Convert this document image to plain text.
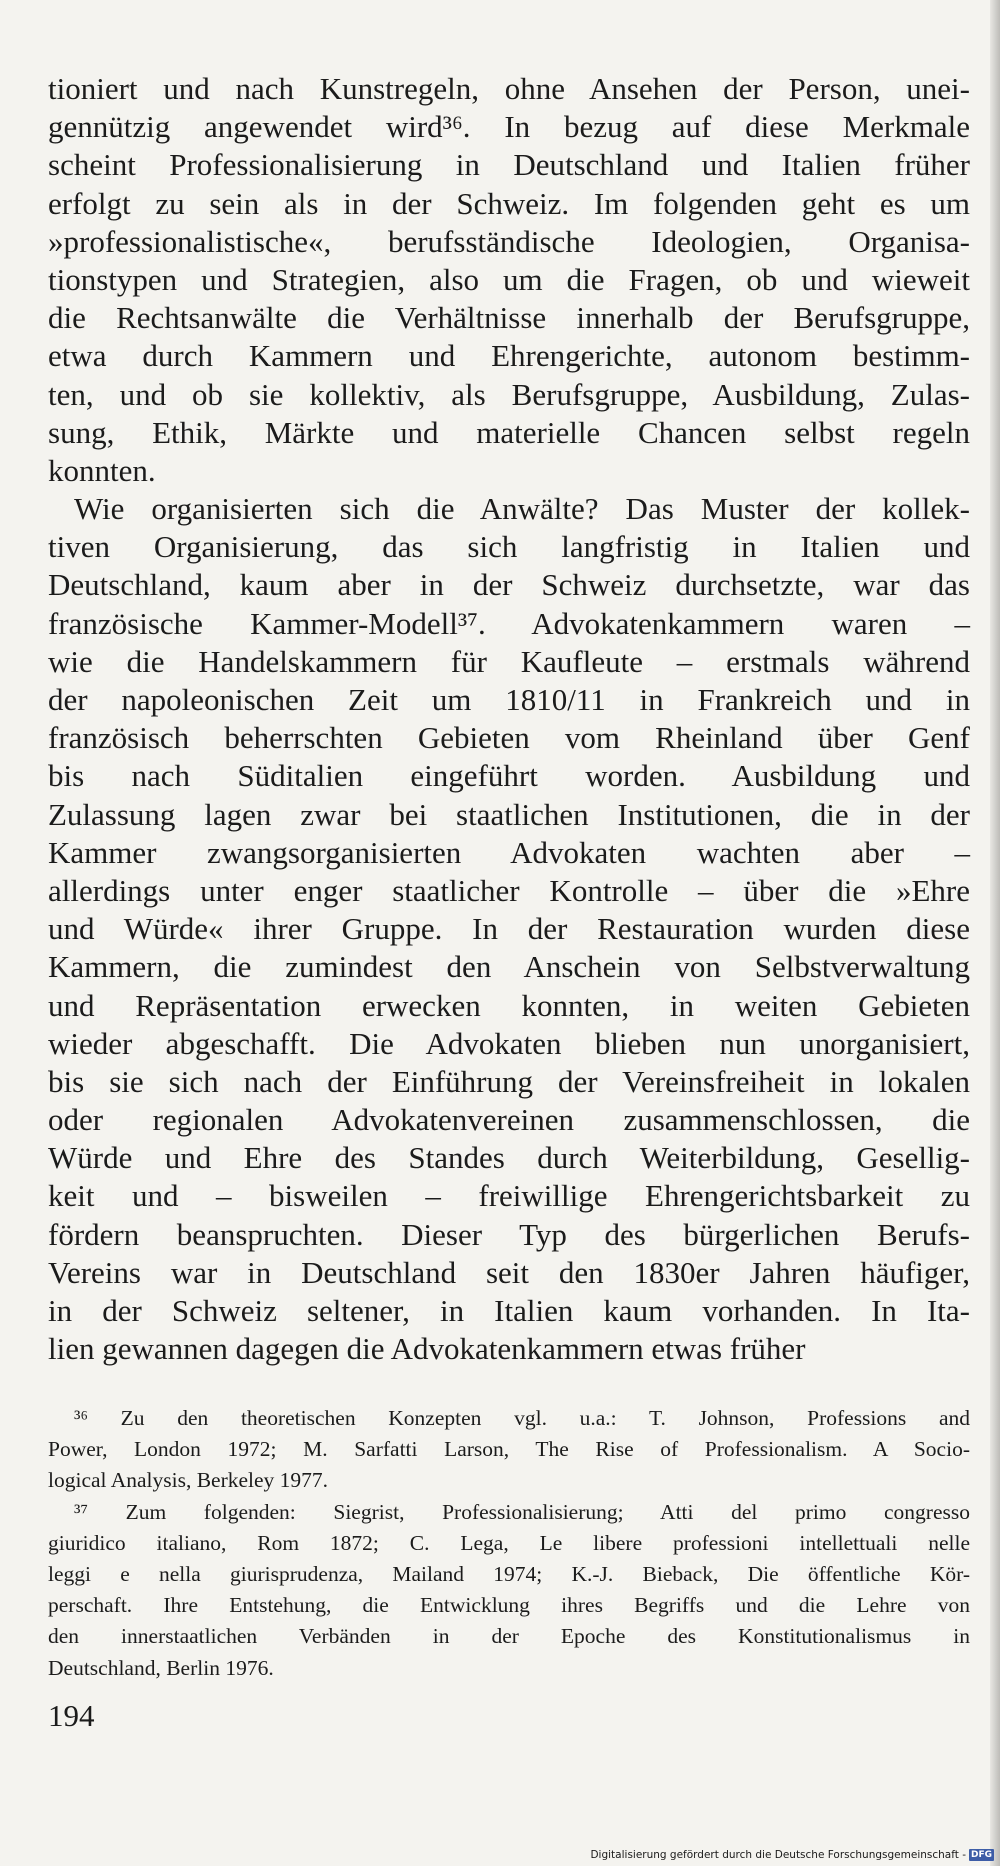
tioniert und nach Kunstregeln, ohne Ansehen der Person, unei-
gennützig angewendet wird³⁶. In bezug auf diese Merkmale
scheint Professionalisierung in Deutschland und Italien früher
erfolgt zu sein als in der Schweiz. Im folgenden geht es um
»professionalistische«, berufsständische Ideologien, Organisa-
tionstypen und Strategien, also um die Fragen, ob und wieweit
die Rechtsanwälte die Verhältnisse innerhalb der Berufsgruppe,
etwa durch Kammern und Ehrengerichte, autonom bestimm-
ten, und ob sie kollektiv, als Berufsgruppe, Ausbildung, Zulas-
sung, Ethik, Märkte und materielle Chancen selbst regeln
konnten.
Wie organisierten sich die Anwälte? Das Muster der kollek-
tiven Organisierung, das sich langfristig in Italien und
Deutschland, kaum aber in der Schweiz durchsetzte, war das
französische Kammer-Modell³⁷. Advokatenkammern waren –
wie die Handelskammern für Kaufleute – erstmals während
der napoleonischen Zeit um 1810/11 in Frankreich und in
französisch beherrschten Gebieten vom Rheinland über Genf
bis nach Süditalien eingeführt worden. Ausbildung und
Zulassung lagen zwar bei staatlichen Institutionen, die in der
Kammer zwangsorganisierten Advokaten wachten aber –
allerdings unter enger staatlicher Kontrolle – über die »Ehre
und Würde« ihrer Gruppe. In der Restauration wurden diese
Kammern, die zumindest den Anschein von Selbstverwaltung
und Repräsentation erwecken konnten, in weiten Gebieten
wieder abgeschafft. Die Advokaten blieben nun unorganisiert,
bis sie sich nach der Einführung der Vereinsfreiheit in lokalen
oder regionalen Advokatenvereinen zusammenschlossen, die
Würde und Ehre des Standes durch Weiterbildung, Gesellig-
keit und – bisweilen – freiwillige Ehrengerichtsbarkeit zu
fördern beanspruchten. Dieser Typ des bürgerlichen Berufs-
Vereins war in Deutschland seit den 1830er Jahren häufiger,
in der Schweiz seltener, in Italien kaum vorhanden. In Ita-
lien gewannen dagegen die Advokatenkammern etwas früher
³⁶ Zu den theoretischen Konzepten vgl. u.a.: T. Johnson, Professions and
Power, London 1972; M. Sarfatti Larson, The Rise of Professionalism. A Socio-
logical Analysis, Berkeley 1977.
³⁷ Zum folgenden: Siegrist, Professionalisierung; Atti del primo congresso
giuridico italiano, Rom 1872; C. Lega, Le libere professioni intellettuali nelle
leggi e nella giurisprudenza, Mailand 1974; K.-J. Bieback, Die öffentliche Kör-
perschaft. Ihre Entstehung, die Entwicklung ihres Begriffs und die Lehre von
den innerstaatlichen Verbänden in der Epoche des Konstitutionalismus in
Deutschland, Berlin 1976.
194
Digitalisierung gefördert durch die Deutsche Forschungsgemeinschaft - DFG
